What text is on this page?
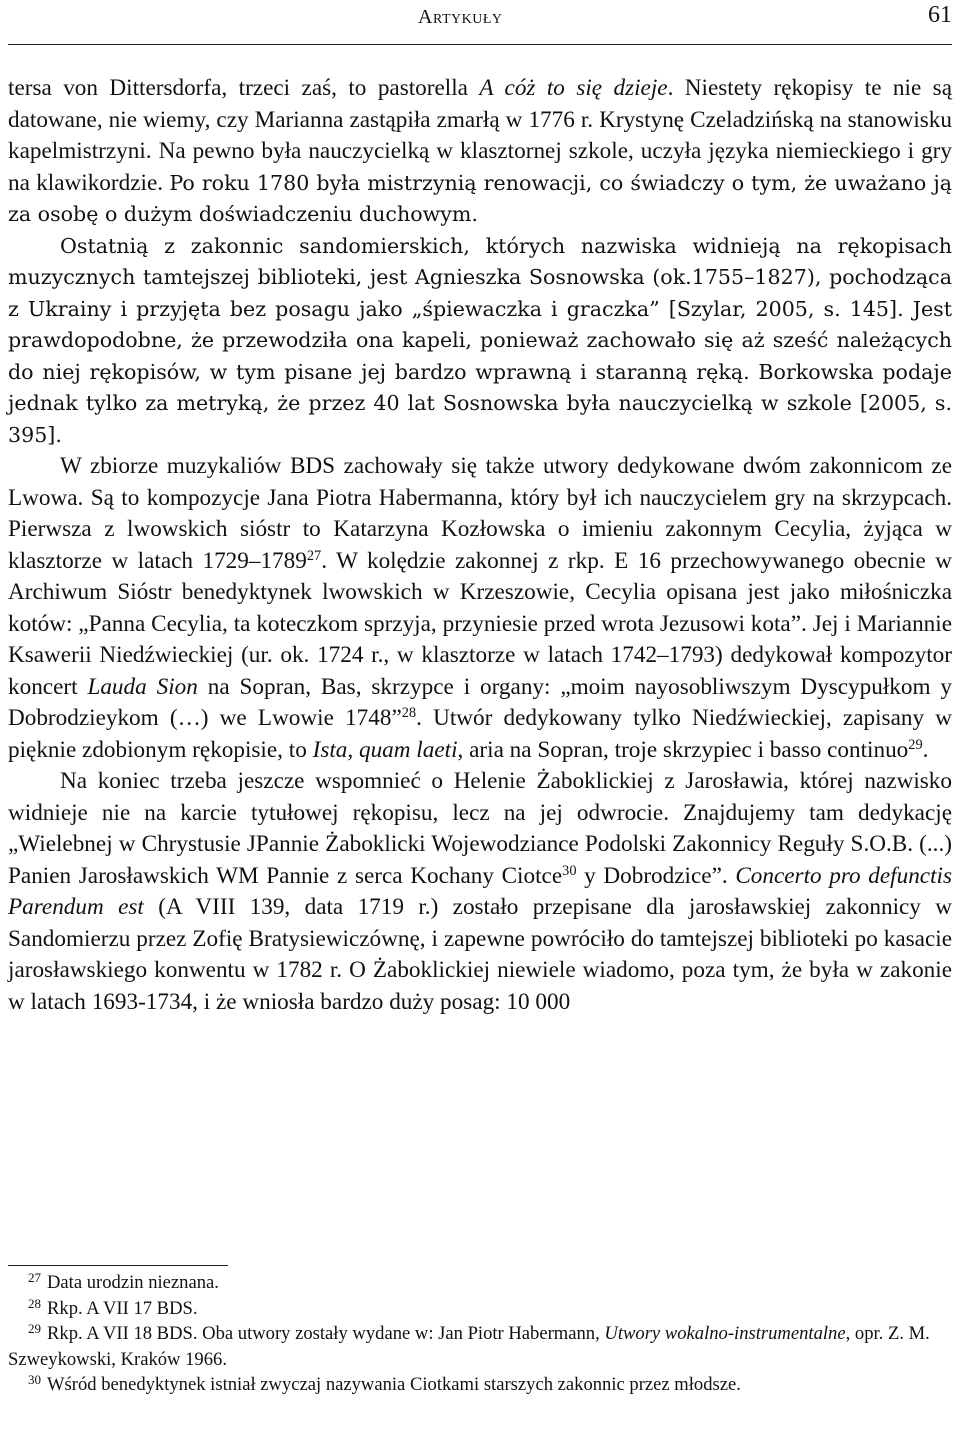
Artykuły	61

tersa von Dittersdorfa, trzeci zaś, to pastorella A cóż to się dzieje. Niestety rękopisy te nie są datowane, nie wiemy, czy Marianna zastąpiła zmarłą w 1776 r. Krystynę Czeladzińską na stanowisku kapelmistrzyni. Na pewno była nauczycielką w klasztornej szkole, uczyła języka niemieckiego i gry na klawikordzie. Po roku 1780 była mistrzynią renowacji, co świadczy o tym, że uważano ją za osobę o dużym doświadczeniu duchowym.

Ostatnią z zakonnic sandomierskich, których nazwiska widnieją na rękopisach muzycznych tamtejszej biblioteki, jest Agnieszka Sosnowska (ok.1755–1827), pochodząca z Ukrainy i przyjęta bez posagu jako „śpiewaczka i graczka” [Szylar, 2005, s. 145]. Jest prawdopodobne, że przewodziła ona kapeli, ponieważ zachowało się aż sześć należących do niej rękopisów, w tym pisane jej bardzo wprawną i staranną ręką. Borkowska podaje jednak tylko za metryką, że przez 40 lat Sosnowska była nauczycielką w szkole [2005, s. 395].

W zbiorze muzykaliów BDS zachowały się także utwory dedykowane dwóm zakonnicom ze Lwowa. Są to kompozycje Jana Piotra Habermanna, który był ich nauczycielem gry na skrzypcach. Pierwsza z lwowskich sióstr to Katarzyna Kozłowska o imieniu zakonnym Cecylia, żyjąca w klasztorze w latach 1729–1789$^{27}$. W kolędzie zakonnej z rkp. E 16 przechowywanego obecnie w Archiwum Sióstr benedyktynek lwowskich w Krzeszowie, Cecylia opisana jest jako miłośniczka kotów: „Panna Cecylia, ta koteczkom sprzyja, przyniesie przed wrota Jezusowi kota”. Jej i Mariannie Ksawerii Niedźwieckiej (ur. ok. 1724 r., w klasztorze w latach 1742–1793) dedykował kompozytor koncert Lauda Sion na Sopran, Bas, skrzypce i organy: „moim nayosobliwszym Dyscypułkom y Dobrodzieykom (…) we Lwowie 1748”$^{28}$. Utwór dedykowany tylko Niedźwieckiej, zapisany w pięknie zdobionym rękopisie, to Ista, quam laeti, aria na Sopran, troje skrzypiec i basso continuo$^{29}$.

Na koniec trzeba jeszcze wspomnieć o Helenie Żaboklickiej z Jarosławia, której nazwisko widnieje nie na karcie tytułowej rękopisu, lecz na jej odwrocie. Znajdujemy tam dedykację „Wielebnej w Chrystusie JPannie Żaboklicki Wojewodziance Podolski Zakonnicy Reguły S.O.B. (...) Panien Jarosławskich WM Pannie z serca Kochany Ciotce$^{30}$ y Dobrodzice”. Concerto pro defunctis Parendum est (A VIII 139, data 1719 r.) zostało przepisane dla jarosławskiej zakonnicy w Sandomierzu przez Zofię Bratysiewiczównę, i zapewne powróciło do tamtejszej biblioteki po kasacie jarosławskiego konwentu w 1782 r. O Żaboklickiej niewiele wiadomo, poza tym, że była w zakonie w latach 1693-1734, i że wniosła bardzo duży posag: 10 000

$^{27}$ Data urodzin nieznana.

$^{28}$ Rkp. A VII 17 BDS.

$^{29}$ Rkp. A VII 18 BDS. Oba utwory zostały wydane w: Jan Piotr Habermann, Utwory wokalno-instrumentalne, opr. Z. M. Szweykowski, Kraków 1966.

$^{30}$ Wśród benedyktynek istniał zwyczaj nazywania Ciotkami starszych zakonnic przez młodsze.
